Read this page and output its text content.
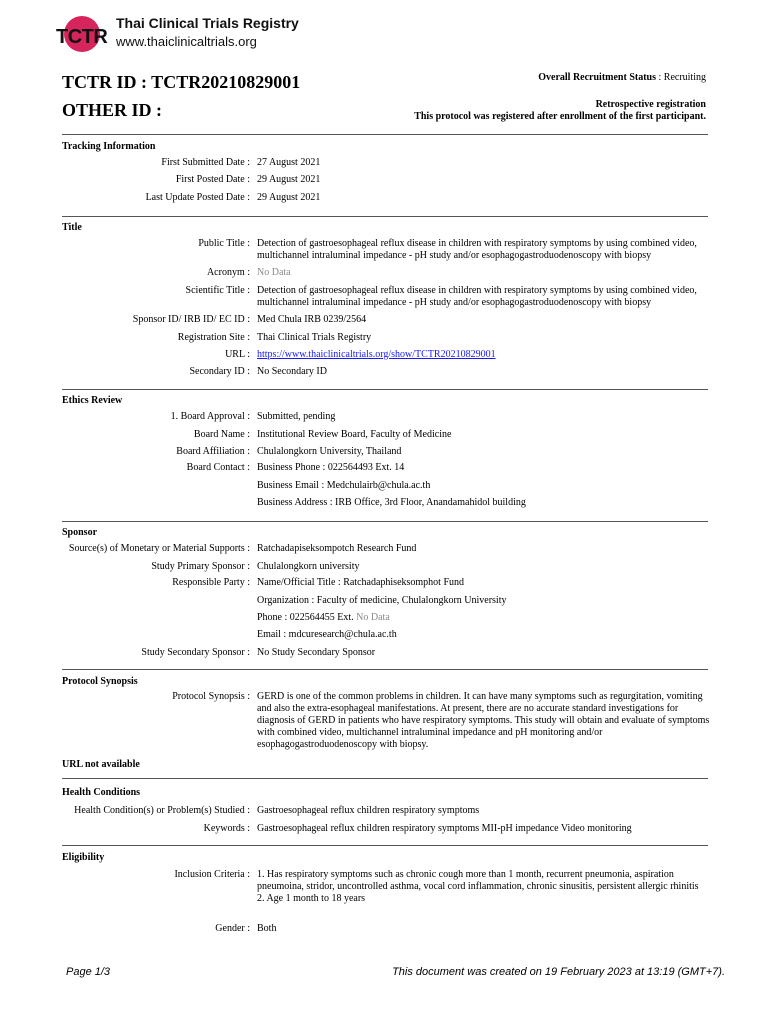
TCTR
Thai Clinical Trials Registry
www.thaiclinicaltrials.org
TCTR ID : TCTR20210829001
OTHER ID :
Overall Recruitment Status : Recruiting
Retrospective registration
This protocol was registered after enrollment of the first participant.
Tracking Information
First Submitted Date : 27 August 2021
First Posted Date : 29 August 2021
Last Update Posted Date : 29 August 2021
Title
Public Title : Detection of gastroesophageal reflux disease in children with respiratory symptoms by using combined video, multichannel intraluminal impedance - pH study and/or esophagogastroduodenoscopy with biopsy
Acronym : No Data
Scientific Title : Detection of gastroesophageal reflux disease in children with respiratory symptoms by using combined video, multichannel intraluminal impedance - pH study and/or esophagogastroduodenoscopy with biopsy
Sponsor ID/ IRB ID/ EC ID : Med Chula IRB 0239/2564
Registration Site : Thai Clinical Trials Registry
URL : https://www.thaiclinicaltrials.org/show/TCTR20210829001
Secondary ID : No Secondary ID
Ethics Review
1. Board Approval : Submitted, pending
Board Name : Institutional Review Board, Faculty of Medicine
Board Affiliation : Chulalongkorn University, Thailand
Board Contact : Business Phone : 022564493 Ext. 14
Business Email : Medchulairb@chula.ac.th
Business Address : IRB Office, 3rd Floor, Anandamahidol building
Sponsor
Source(s) of Monetary or Material Supports : Ratchadapiseksompotch Research Fund
Study Primary Sponsor : Chulalongkorn university
Responsible Party : Name/Official Title : Ratchadaphiseksomphot Fund
Organization : Faculty of medicine, Chulalongkorn University
Phone : 022564455 Ext. No Data
Email : mdcuresearch@chula.ac.th
Study Secondary Sponsor : No Study Secondary Sponsor
Protocol Synopsis
Protocol Synopsis : GERD is one of the common problems in children. It can have many symptoms such as regurgitation, vomiting and also the extra-esophageal manifestations. At present, there are no accurate standard investigations for diagnosis of GERD in patients who have respiratory symptoms. This study will obtain and evaluate of symptoms with combined video, multichannel intraluminal impedance and pH monitoring and/or esophagogastroduodenoscopy with biopsy.
URL not available
Health Conditions
Health Condition(s) or Problem(s) Studied : Gastroesophageal reflux children respiratory symptoms
Keywords : Gastroesophageal reflux children respiratory symptoms MII-pH impedance Video monitoring
Eligibility
Inclusion Criteria : 1. Has respiratory symptoms such as chronic cough more than 1 month, recurrent pneumonia, aspiration pneumoina, stridor, uncontrolled asthma, vocal cord inflammation, chronic sinusitis, persistent allergic rhinitis
2. Age 1 month to 18 years
Gender : Both
Page 1/3	This document was created on 19 February 2023 at 13:19 (GMT+7).
